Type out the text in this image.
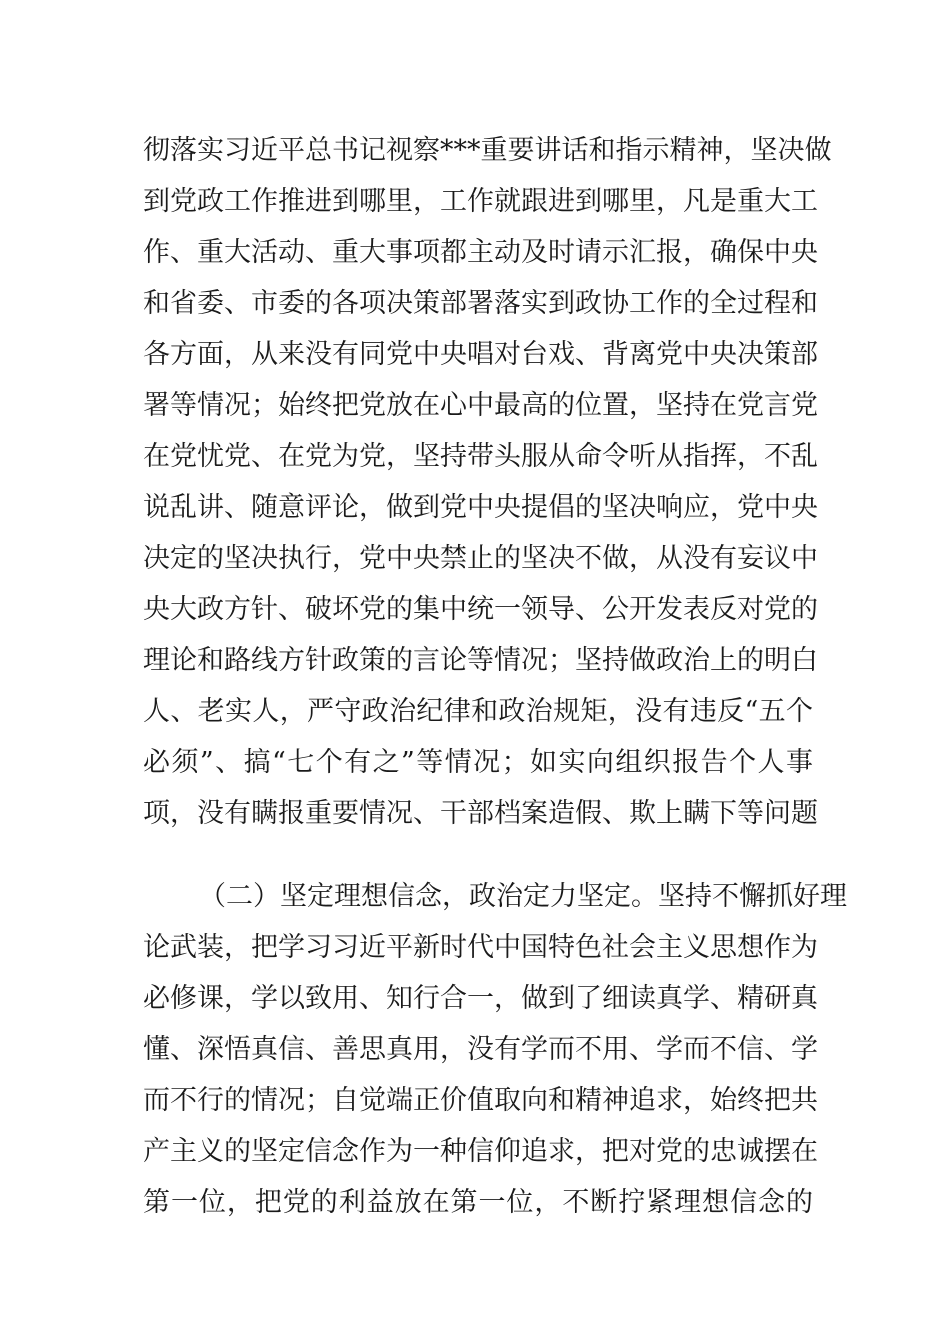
彻落实习近平总书记视察***重要讲话和指示精神，坚决做
到党政工作推进到哪里，工作就跟进到哪里，凡是重大工
作、重大活动、重大事项都主动及时请示汇报，确保中央
和省委、市委的各项决策部署落实到政协工作的全过程和
各方面，从来没有同党中央唱对台戏、背离党中央决策部
署等情况；始终把党放在心中最高的位置，坚持在党言党
在党忧党、在党为党，坚持带头服从命令听从指挥，不乱
说乱讲、随意评论，做到党中央提倡的坚决响应，党中央
决定的坚决执行，党中央禁止的坚决不做，从没有妄议中
央大政方针、破坏党的集中统一领导、公开发表反对党的
理论和路线方针政策的言论等情况；坚持做政治上的明白
人、老实人，严守政治纪律和政治规矩，没有违反“五个
必须”、搞“七个有之”等情况；如实向组织报告个人事
项，没有瞒报重要情况、干部档案造假、欺上瞒下等问题
（二）坚定理想信念，政治定力坚定。坚持不懈抓好理
论武装，把学习习近平新时代中国特色社会主义思想作为
必修课，学以致用、知行合一，做到了细读真学、精研真
懂、深悟真信、善思真用，没有学而不用、学而不信、学
而不行的情况；自觉端正价值取向和精神追求，始终把共
产主义的坚定信念作为一种信仰追求，把对党的忠诚摆在
第一位，把党的利益放在第一位，不断拧紧理想信念的
